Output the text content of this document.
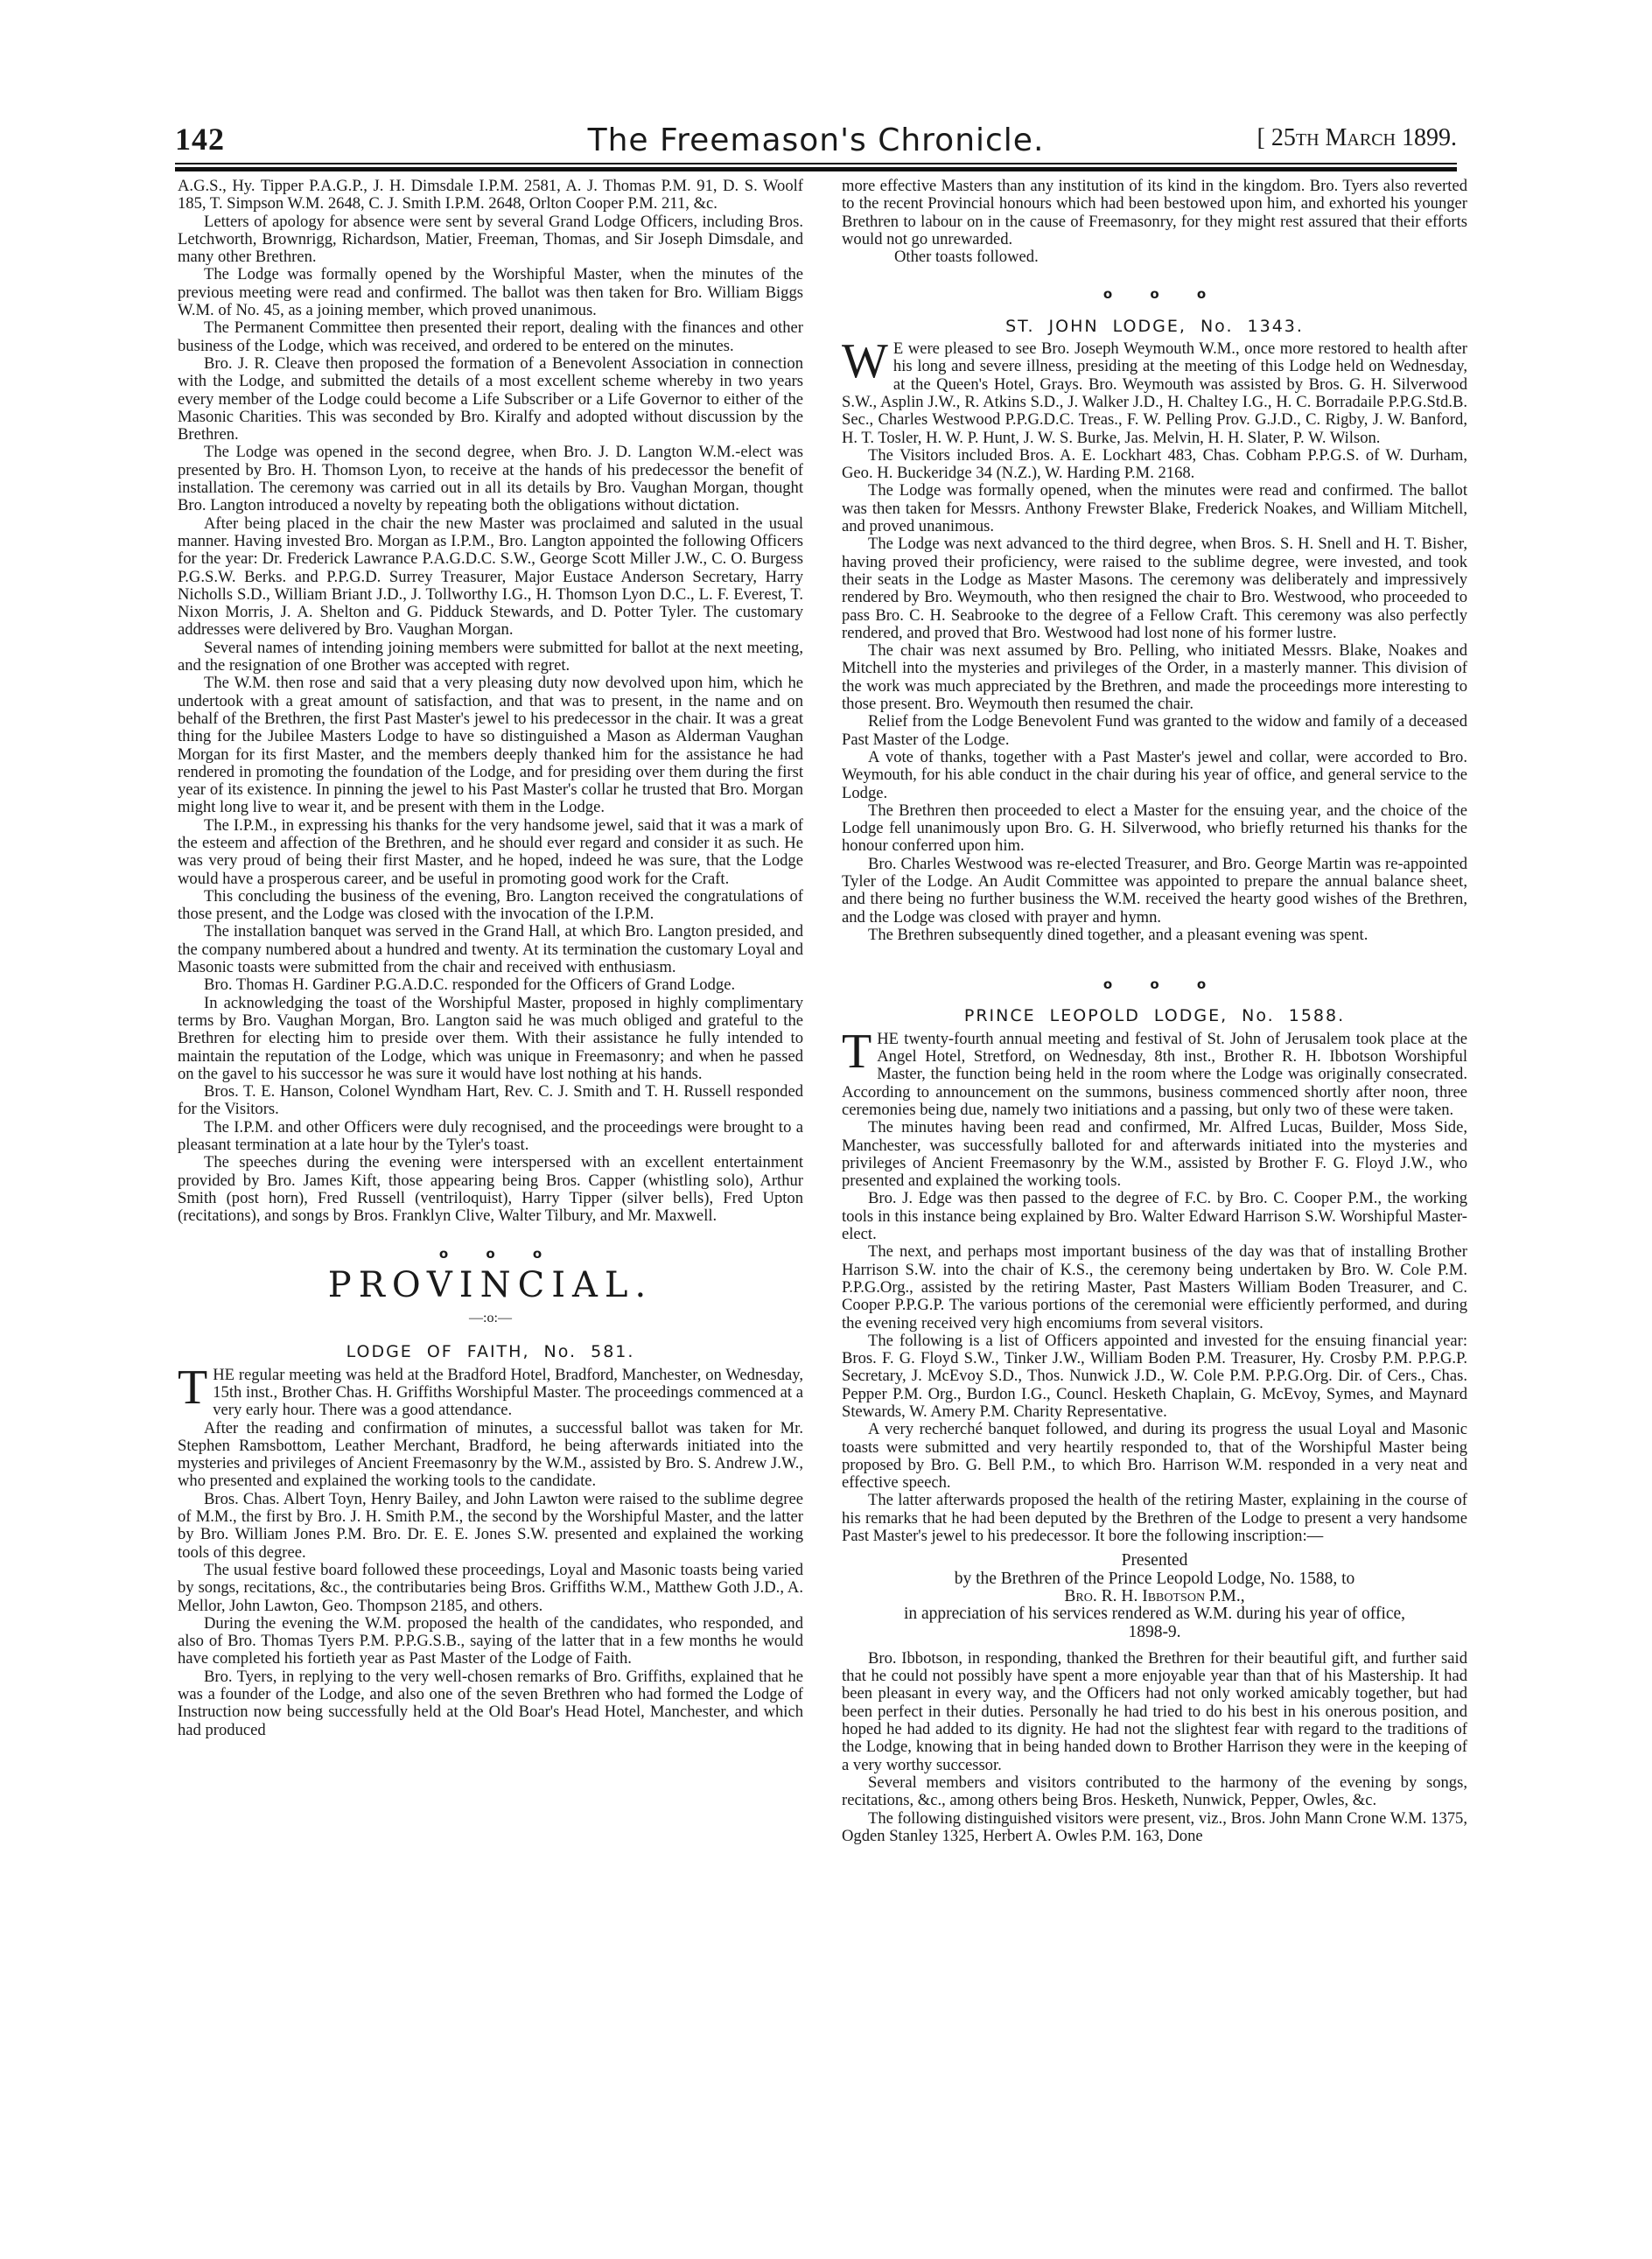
142	The Freemason's Chronicle.	[ 25th March 1899.

A.G.S., Hy. Tipper P.A.G.P., J. H. Dimsdale I.P.M. 2581, A. J. Thomas P.M. 91, D. S. Woolf 185, T. Simpson W.M. 2648, C. J. Smith I.P.M. 2648, Orlton Cooper P.M. 211, &c.

Letters of apology for absence were sent by several Grand Lodge Officers, including Bros. Letchworth, Brownrigg, Richardson, Matier, Freeman, Thomas, and Sir Joseph Dimsdale, and many other Brethren.

The Lodge was formally opened by the Worshipful Master, when the minutes of the previous meeting were read and confirmed. The ballot was then taken for Bro. William Biggs W.M. of No. 45, as a joining member, which proved unanimous.

The Permanent Committee then presented their report, dealing with the finances and other business of the Lodge, which was received, and ordered to be entered on the minutes.

Bro. J. R. Cleave then proposed the formation of a Benevolent Association in connection with the Lodge, and submitted the details of a most excellent scheme whereby in two years every member of the Lodge could become a Life Subscriber or a Life Governor to either of the Masonic Charities. This was seconded by Bro. Kiralfy and adopted without discussion by the Brethren.

The Lodge was opened in the second degree, when Bro. J. D. Langton W.M.-elect was presented by Bro. H. Thomson Lyon, to receive at the hands of his predecessor the benefit of installation. The ceremony was carried out in all its details by Bro. Vaughan Morgan, thought Bro. Langton introduced a novelty by repeating both the obligations without dictation.

After being placed in the chair the new Master was proclaimed and saluted in the usual manner. Having invested Bro. Morgan as I.P.M., Bro. Langton appointed the following Officers for the year: Dr. Frederick Lawrance P.A.G.D.C. S.W., George Scott Miller J.W., C. O. Burgess P.G.S.W. Berks. and P.P.G.D. Surrey Treasurer, Major Eustace Anderson Secretary, Harry Nicholls S.D., William Briant J.D., J. Tollworthy I.G., H. Thomson Lyon D.C., L. F. Everest, T. Nixon Morris, J. A. Shelton and G. Pidduck Stewards, and D. Potter Tyler. The customary addresses were delivered by Bro. Vaughan Morgan.

Several names of intending joining members were submitted for ballot at the next meeting, and the resignation of one Brother was accepted with regret.

The W.M. then rose and said that a very pleasing duty now devolved upon him, which he undertook with a great amount of satisfaction, and that was to present, in the name and on behalf of the Brethren, the first Past Master's jewel to his predecessor in the chair. It was a great thing for the Jubilee Masters Lodge to have so distinguished a Mason as Alderman Vaughan Morgan for its first Master, and the members deeply thanked him for the assistance he had rendered in promoting the foundation of the Lodge, and for presiding over them during the first year of its existence. In pinning the jewel to his Past Master's collar he trusted that Bro. Morgan might long live to wear it, and be present with them in the Lodge.

The I.P.M., in expressing his thanks for the very handsome jewel, said that it was a mark of the esteem and affection of the Brethren, and he should ever regard and consider it as such. He was very proud of being their first Master, and he hoped, indeed he was sure, that the Lodge would have a prosperous career, and be useful in promoting good work for the Craft.

This concluding the business of the evening, Bro. Langton received the congratulations of those present, and the Lodge was closed with the invocation of the I.P.M.

The installation banquet was served in the Grand Hall, at which Bro. Langton presided, and the company numbered about a hundred and twenty. At its termination the customary Loyal and Masonic toasts were submitted from the chair and received with enthusiasm.

Bro. Thomas H. Gardiner P.G.A.D.C. responded for the Officers of Grand Lodge.

In acknowledging the toast of the Worshipful Master, proposed in highly complimentary terms by Bro. Vaughan Morgan, Bro. Langton said he was much obliged and grateful to the Brethren for electing him to preside over them. With their assistance he fully intended to maintain the reputation of the Lodge, which was unique in Freemasonry; and when he passed on the gavel to his successor he was sure it would have lost nothing at his hands.

Bros. T. E. Hanson, Colonel Wyndham Hart, Rev. C. J. Smith and T. H. Russell responded for the Visitors.

The I.P.M. and other Officers were duly recognised, and the proceedings were brought to a pleasant termination at a late hour by the Tyler's toast.

The speeches during the evening were interspersed with an excellent entertainment provided by Bro. James Kift, those appearing being Bros. Capper (whistling solo), Arthur Smith (post horn), Fred Russell (ventriloquist), Harry Tipper (silver bells), Fred Upton (recitations), and songs by Bros. Franklyn Clive, Walter Tilbury, and Mr. Maxwell.

o o o
PROVINCIAL.
—:o:—
LODGE OF FAITH, No. 581.

THE regular meeting was held at the Bradford Hotel, Bradford, Manchester, on Wednesday, 15th inst., Brother Chas. H. Griffiths Worshipful Master. The proceedings commenced at a very early hour. There was a good attendance.

After the reading and confirmation of minutes, a successful ballot was taken for Mr. Stephen Ramsbottom, Leather Merchant, Bradford, he being afterwards initiated into the mysteries and privileges of Ancient Freemasonry by the W.M., assisted by Bro. S. Andrew J.W., who presented and explained the working tools to the candidate.

Bros. Chas. Albert Toyn, Henry Bailey, and John Lawton were raised to the sublime degree of M.M., the first by Bro. J. H. Smith P.M., the second by the Worshipful Master, and the latter by Bro. William Jones P.M. Bro. Dr. E. E. Jones S.W. presented and explained the working tools of this degree.

The usual festive board followed these proceedings, Loyal and Masonic toasts being varied by songs, recitations, &c., the contributaries being Bros. Griffiths W.M., Matthew Goth J.D., A. Mellor, John Lawton, Geo. Thompson 2185, and others.

During the evening the W.M. proposed the health of the candidates, who responded, and also of Bro. Thomas Tyers P.M. P.P.G.S.B., saying of the latter that in a few months he would have completed his fortieth year as Past Master of the Lodge of Faith.

Bro. Tyers, in replying to the very well-chosen remarks of Bro. Griffiths, explained that he was a founder of the Lodge, and also one of the seven Brethren who had formed the Lodge of Instruction now being successfully held at the Old Boar's Head Hotel, Manchester, and which had produced

more effective Masters than any institution of its kind in the kingdom. Bro. Tyers also reverted to the recent Provincial honours which had been bestowed upon him, and exhorted his younger Brethren to labour on in the cause of Freemasonry, for they might rest assured that their efforts would not go unrewarded.

Other toasts followed.

o o o
ST. JOHN LODGE, No. 1343.

W E were pleased to see Bro. Joseph Weymouth W.M., once more restored to health after his long and severe illness, presiding at the meeting of this Lodge held on Wednesday, at the Queen's Hotel, Grays. Bro. Weymouth was assisted by Bros. G. H. Silverwood S.W., Asplin J.W., R. Atkins S.D., J. Walker J.D., H. Chaltey I.G., H. C. Borradaile P.P.G.Std.B. Sec., Charles Westwood P.P.G.D.C. Treas., F. W. Pelling Prov. G.J.D., C. Rigby, J. W. Banford, H. T. Tosler, H. W. P. Hunt, J. W. S. Burke, Jas. Melvin, H. H. Slater, P. W. Wilson.

The Visitors included Bros. A. E. Lockhart 483, Chas. Cobham P.P.G.S. of W. Durham, Geo. H. Buckeridge 34 (N.Z.), W. Harding P.M. 2168.

The Lodge was formally opened, when the minutes were read and confirmed. The ballot was then taken for Messrs. Anthony Frewster Blake, Frederick Noakes, and William Mitchell, and proved unanimous.

The Lodge was next advanced to the third degree, when Bros. S. H. Snell and H. T. Bisher, having proved their proficiency, were raised to the sublime degree, were invested, and took their seats in the Lodge as Master Masons. The ceremony was deliberately and impressively rendered by Bro. Weymouth, who then resigned the chair to Bro. Westwood, who proceeded to pass Bro. C. H. Seabrooke to the degree of a Fellow Craft. This ceremony was also perfectly rendered, and proved that Bro. Westwood had lost none of his former lustre.

The chair was next assumed by Bro. Pelling, who initiated Messrs. Blake, Noakes and Mitchell into the mysteries and privileges of the Order, in a masterly manner. This division of the work was much appreciated by the Brethren, and made the proceedings more interesting to those present. Bro. Weymouth then resumed the chair.

Relief from the Lodge Benevolent Fund was granted to the widow and family of a deceased Past Master of the Lodge.

A vote of thanks, together with a Past Master's jewel and collar, were accorded to Bro. Weymouth, for his able conduct in the chair during his year of office, and general service to the Lodge.

The Brethren then proceeded to elect a Master for the ensuing year, and the choice of the Lodge fell unanimously upon Bro. G. H. Silverwood, who briefly returned his thanks for the honour conferred upon him.

Bro. Charles Westwood was re-elected Treasurer, and Bro. George Martin was re-appointed Tyler of the Lodge. An Audit Committee was appointed to prepare the annual balance sheet, and there being no further business the W.M. received the hearty good wishes of the Brethren, and the Lodge was closed with prayer and hymn.

The Brethren subsequently dined together, and a pleasant evening was spent.

o o o
PRINCE LEOPOLD LODGE, No. 1588.

THE twenty-fourth annual meeting and festival of St. John of Jerusalem took place at the Angel Hotel, Stretford, on Wednesday, 8th inst., Brother R. H. Ibbotson Worshipful Master, the function being held in the room where the Lodge was originally consecrated. According to announcement on the summons, business commenced shortly after noon, three ceremonies being due, namely two initiations and a passing, but only two of these were taken.

The minutes having been read and confirmed, Mr. Alfred Lucas, Builder, Moss Side, Manchester, was successfully balloted for and afterwards initiated into the mysteries and privileges of Ancient Freemasonry by the W.M., assisted by Brother F. G. Floyd J.W., who presented and explained the working tools.

Bro. J. Edge was then passed to the degree of F.C. by Bro. C. Cooper P.M., the working tools in this instance being explained by Bro. Walter Edward Harrison S.W. Worshipful Master-elect.

The next, and perhaps most important business of the day was that of installing Brother Harrison S.W. into the chair of K.S., the ceremony being undertaken by Bro. W. Cole P.M. P.P.G.Org., assisted by the retiring Master, Past Masters William Boden Treasurer, and C. Cooper P.P.G.P. The various portions of the ceremonial were efficiently performed, and during the evening received very high encomiums from several visitors.

The following is a list of Officers appointed and invested for the ensuing financial year: Bros. F. G. Floyd S.W., Tinker J.W., William Boden P.M. Treasurer, Hy. Crosby P.M. P.P.G.P. Secretary, J. McEvoy S.D., Thos. Nunwick J.D., W. Cole P.M. P.P.G.Org. Dir. of Cers., Chas. Pepper P.M. Org., Burdon I.G., Councl. Hesketh Chaplain, G. McEvoy, Symes, and Maynard Stewards, W. Amery P.M. Charity Representative.

A very recherché banquet followed, and during its progress the usual Loyal and Masonic toasts were submitted and very heartily responded to, that of the Worshipful Master being proposed by Bro. G. Bell P.M., to which Bro. Harrison W.M. responded in a very neat and effective speech.

The latter afterwards proposed the health of the retiring Master, explaining in the course of his remarks that he had been deputed by the Brethren of the Lodge to present a very handsome Past Master's jewel to his predecessor. It bore the following inscription:—

Presented

by the Brethren of the Prince Leopold Lodge, No. 1588, to

Bro. R. H. Ibbotson P.M.,

in appreciation of his services rendered as W.M. during his year of office,

1898-9.

Bro. Ibbotson, in responding, thanked the Brethren for their beautiful gift, and further said that he could not possibly have spent a more enjoyable year than that of his Mastership. It had been pleasant in every way, and the Officers had not only worked amicably together, but had been perfect in their duties. Personally he had tried to do his best in his onerous position, and hoped he had added to its dignity. He had not the slightest fear with regard to the traditions of the Lodge, knowing that in being handed down to Brother Harrison they were in the keeping of a very worthy successor.

Several members and visitors contributed to the harmony of the evening by songs, recitations, &c., among others being Bros. Hesketh, Nunwick, Pepper, Owles, &c.

The following distinguished visitors were present, viz., Bros. John Mann Crone W.M. 1375, Ogden Stanley 1325, Herbert A. Owles P.M. 163, Done
